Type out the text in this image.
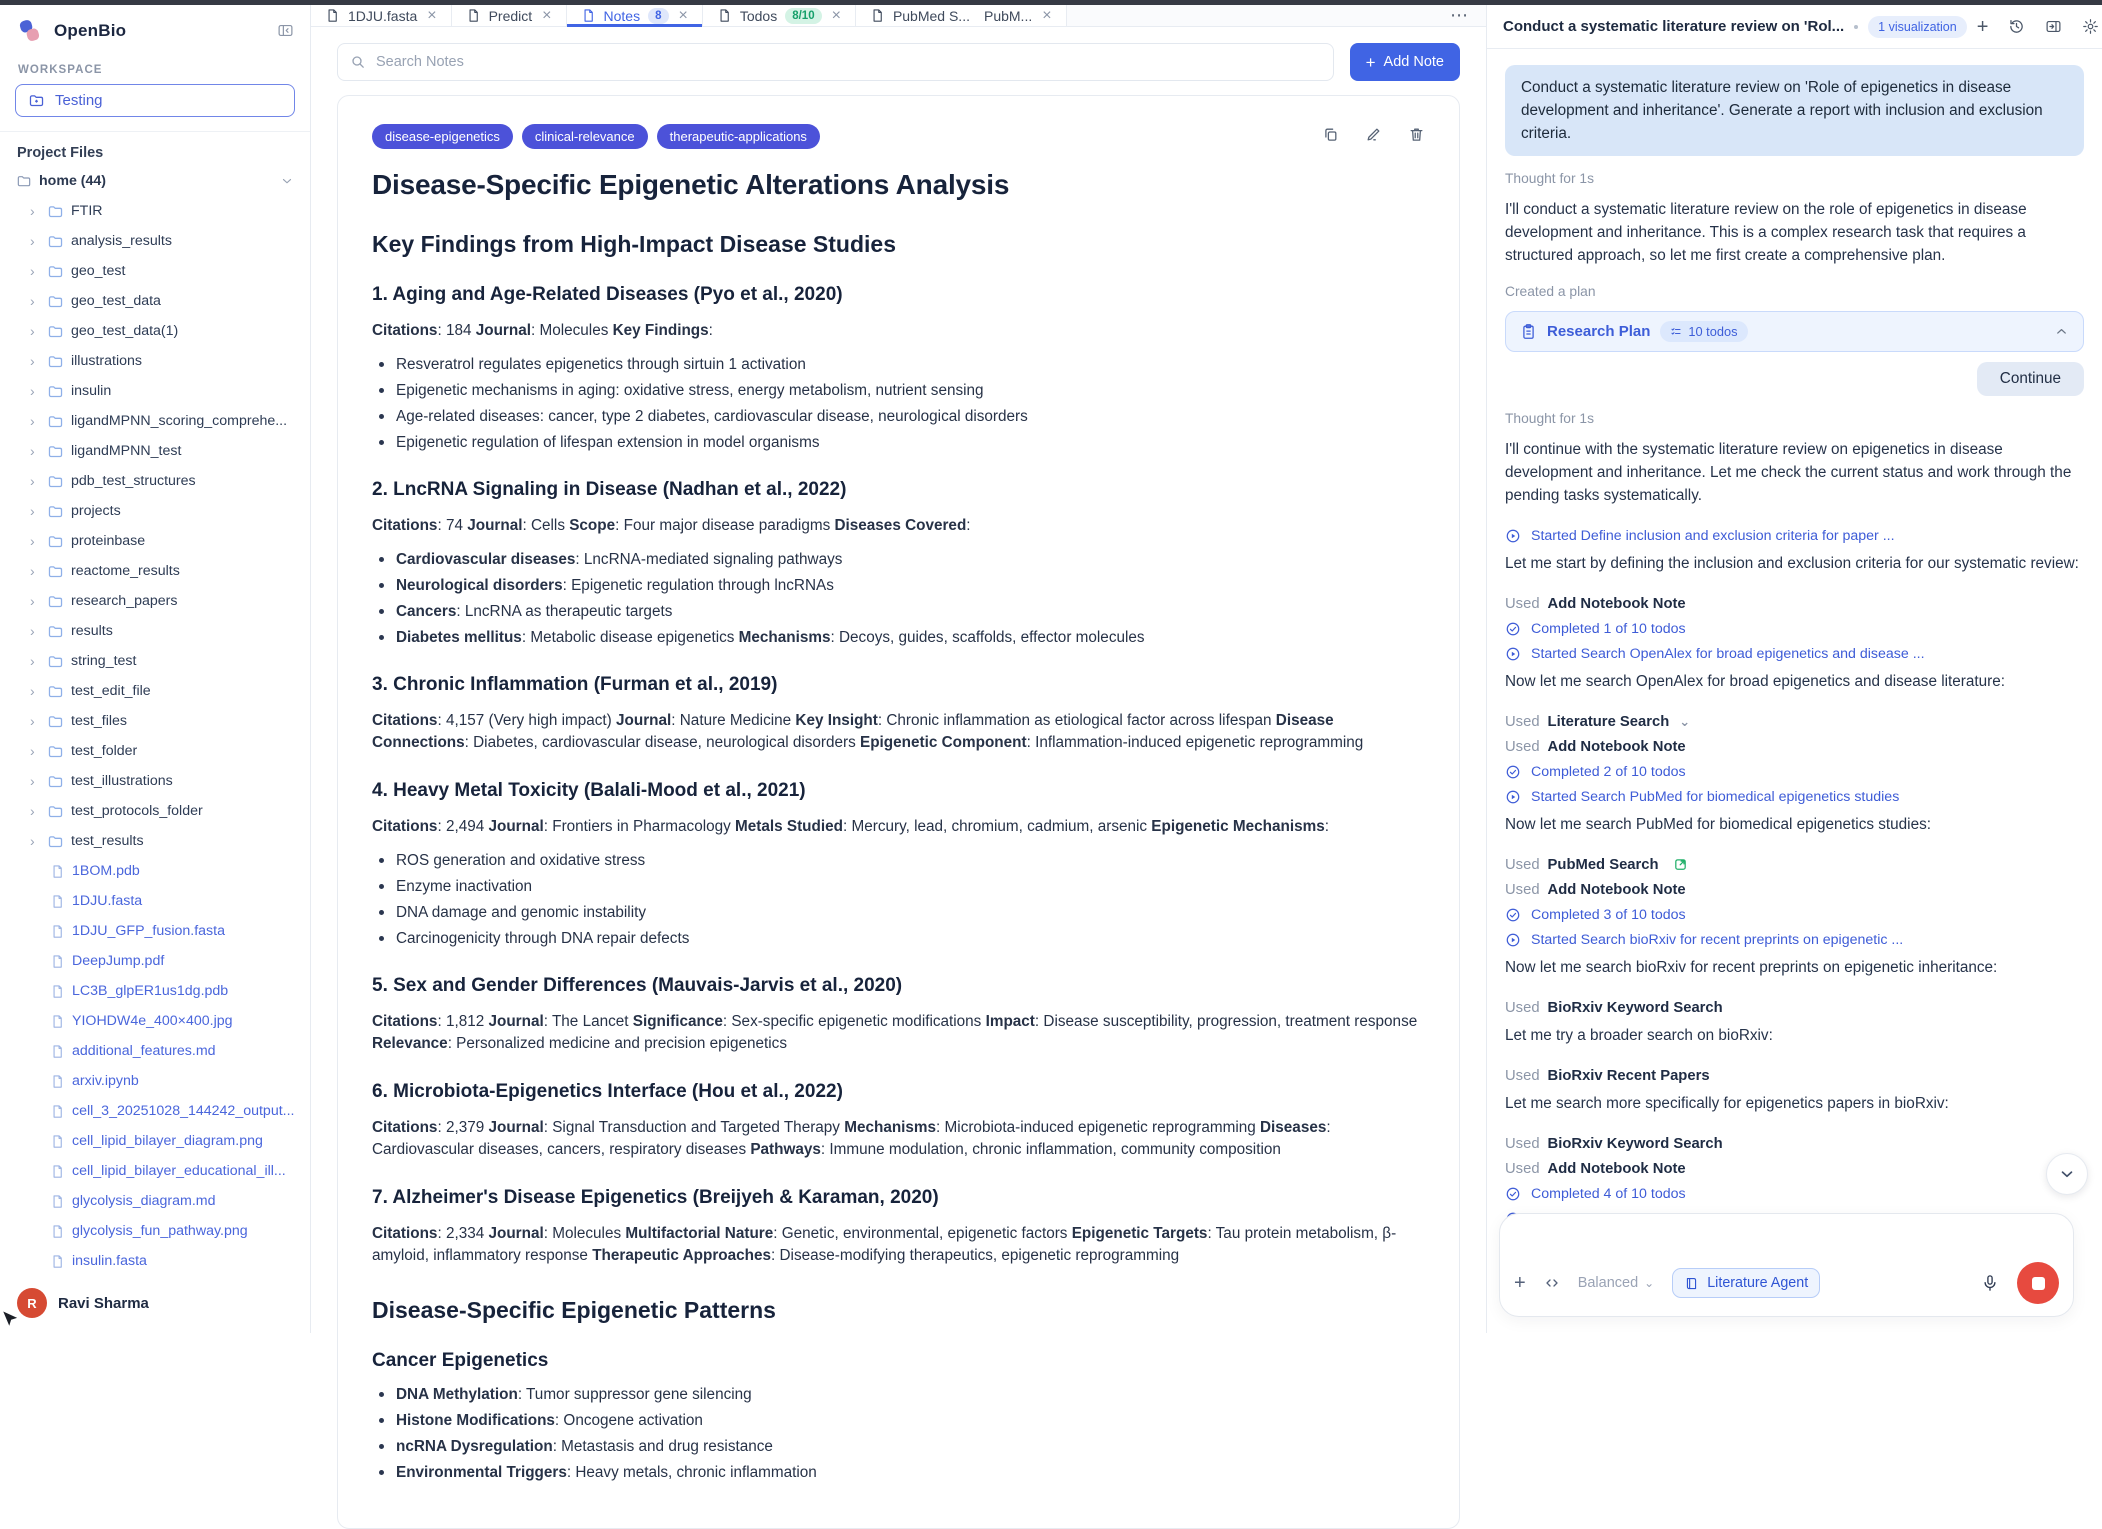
OpenBio
WORKSPACE
Testing
Project Files
home (44)
›	FTIR
›	analysis_results
›	geo_test
›	geo_test_data
›	geo_test_data(1)
›	illustrations
›	insulin
›	ligandMPNN_scoring_comprehe...
›	ligandMPNN_test
›	pdb_test_structures
›	projects
›	proteinbase
›	reactome_results
›	research_papers
›	results
›	string_test
›	test_edit_file
›	test_files
›	test_folder
›	test_illustrations
›	test_protocols_folder
›	test_results
1BOM.pdb
1DJU.fasta
1DJU_GFP_fusion.fasta
DeepJump.pdf
LC3B_glpER1us1dg.pdb
YIOHDW4e_400×400.jpg
additional_features.md
arxiv.ipynb
cell_3_20251028_144242_output...
cell_lipid_bilayer_diagram.png
cell_lipid_bilayer_educational_ill...
glycolysis_diagram.md
glycolysis_fun_pathway.png
insulin.fasta
R	Ravi Sharma
1DJU.fasta ×	Predict ×	Notes	8	×	Todos	8/10	×	PubMed S... PubM... ×	⋯
Search Notes
+ Add Note
disease-epigenetics	clinical-relevance	therapeutic-applications
Disease-Specific Epigenetic Alterations Analysis
Key Findings from High-Impact Disease Studies
1. Aging and Age-Related Diseases (Pyo et al., 2020)

Citations: 184 Journal: Molecules Key Findings:

Resveratrol regulates epigenetics through sirtuin 1 activation
Epigenetic mechanisms in aging: oxidative stress, energy metabolism, nutrient sensing
Age-related diseases: cancer, type 2 diabetes, cardiovascular disease, neurological disorders
Epigenetic regulation of lifespan extension in model organisms
2. LncRNA Signaling in Disease (Nadhan et al., 2022)

Citations: 74 Journal: Cells Scope: Four major disease paradigms Diseases Covered:

Cardiovascular diseases: LncRNA-mediated signaling pathways
Neurological disorders: Epigenetic regulation through lncRNAs
Cancers: LncRNA as therapeutic targets
Diabetes mellitus: Metabolic disease epigenetics Mechanisms: Decoys, guides, scaffolds, effector molecules
3. Chronic Inflammation (Furman et al., 2019)

Citations: 4,157 (Very high impact) Journal: Nature Medicine Key Insight: Chronic inflammation as etiological factor across lifespan Disease Connections: Diabetes, cardiovascular disease, neurological disorders Epigenetic Component: Inflammation-induced epigenetic reprogramming

4. Heavy Metal Toxicity (Balali-Mood et al., 2021)

Citations: 2,494 Journal: Frontiers in Pharmacology Metals Studied: Mercury, lead, chromium, cadmium, arsenic Epigenetic Mechanisms:

ROS generation and oxidative stress
Enzyme inactivation
DNA damage and genomic instability
Carcinogenicity through DNA repair defects
5. Sex and Gender Differences (Mauvais-Jarvis et al., 2020)

Citations: 1,812 Journal: The Lancet Significance: Sex-specific epigenetic modifications Impact: Disease susceptibility, progression, treatment response Relevance: Personalized medicine and precision epigenetics

6. Microbiota-Epigenetics Interface (Hou et al., 2022)

Citations: 2,379 Journal: Signal Transduction and Targeted Therapy Mechanisms: Microbiota-induced epigenetic reprogramming Diseases: Cardiovascular diseases, cancers, respiratory diseases Pathways: Immune modulation, chronic inflammation, community composition

7. Alzheimer's Disease Epigenetics (Breijyeh & Karaman, 2020)

Citations: 2,334 Journal: Molecules Multifactorial Nature: Genetic, environmental, epigenetic factors Epigenetic Targets: Tau protein metabolism, β-amyloid, inflammatory response Therapeutic Approaches: Disease-modifying therapeutics, epigenetic reprogramming

Disease-Specific Epigenetic Patterns
Cancer Epigenetics
DNA Methylation: Tumor suppressor gene silencing
Histone Modifications: Oncogene activation
ncRNA Dysregulation: Metastasis and drug resistance
Environmental Triggers: Heavy metals, chronic inflammation
Conduct a systematic literature review on 'Rol...	1 visualization	+
Conduct a systematic literature review on 'Role of epigenetics in disease development and inheritance'. Generate a report with inclusion and exclusion criteria.
Thought for 1s
I'll conduct a systematic literature review on the role of epigenetics in disease development and inheritance. This is a complex research task that requires a structured approach, so let me first create a comprehensive plan.
Created a plan
Research Plan	10 todos
Continue
Thought for 1s
I'll continue with the systematic literature review on epigenetics in disease development and inheritance. Let me check the current status and work through the pending tasks systematically.
Started Define inclusion and exclusion criteria for paper ...
Let me start by defining the inclusion and exclusion criteria for our systematic review:
Used Add Notebook Note
Completed 1 of 10 todos
Started Search OpenAlex for broad epigenetics and disease ...
Now let me search OpenAlex for broad epigenetics and disease literature:
Used Literature Search ⌄
Used Add Notebook Note
Completed 2 of 10 todos
Started Search PubMed for biomedical epigenetics studies
Now let me search PubMed for biomedical epigenetics studies:
Used PubMed Search
Used Add Notebook Note
Completed 3 of 10 todos
Started Search bioRxiv for recent preprints on epigenetic ...
Now let me search bioRxiv for recent preprints on epigenetic inheritance:
Used BioRxiv Keyword Search
Let me try a broader search on bioRxiv:
Used BioRxiv Recent Papers
Let me search more specifically for epigenetics papers in bioRxiv:
Used BioRxiv Keyword Search
Used Add Notebook Note
Completed 4 of 10 todos
+	Balanced ⌄	Literature Agent
